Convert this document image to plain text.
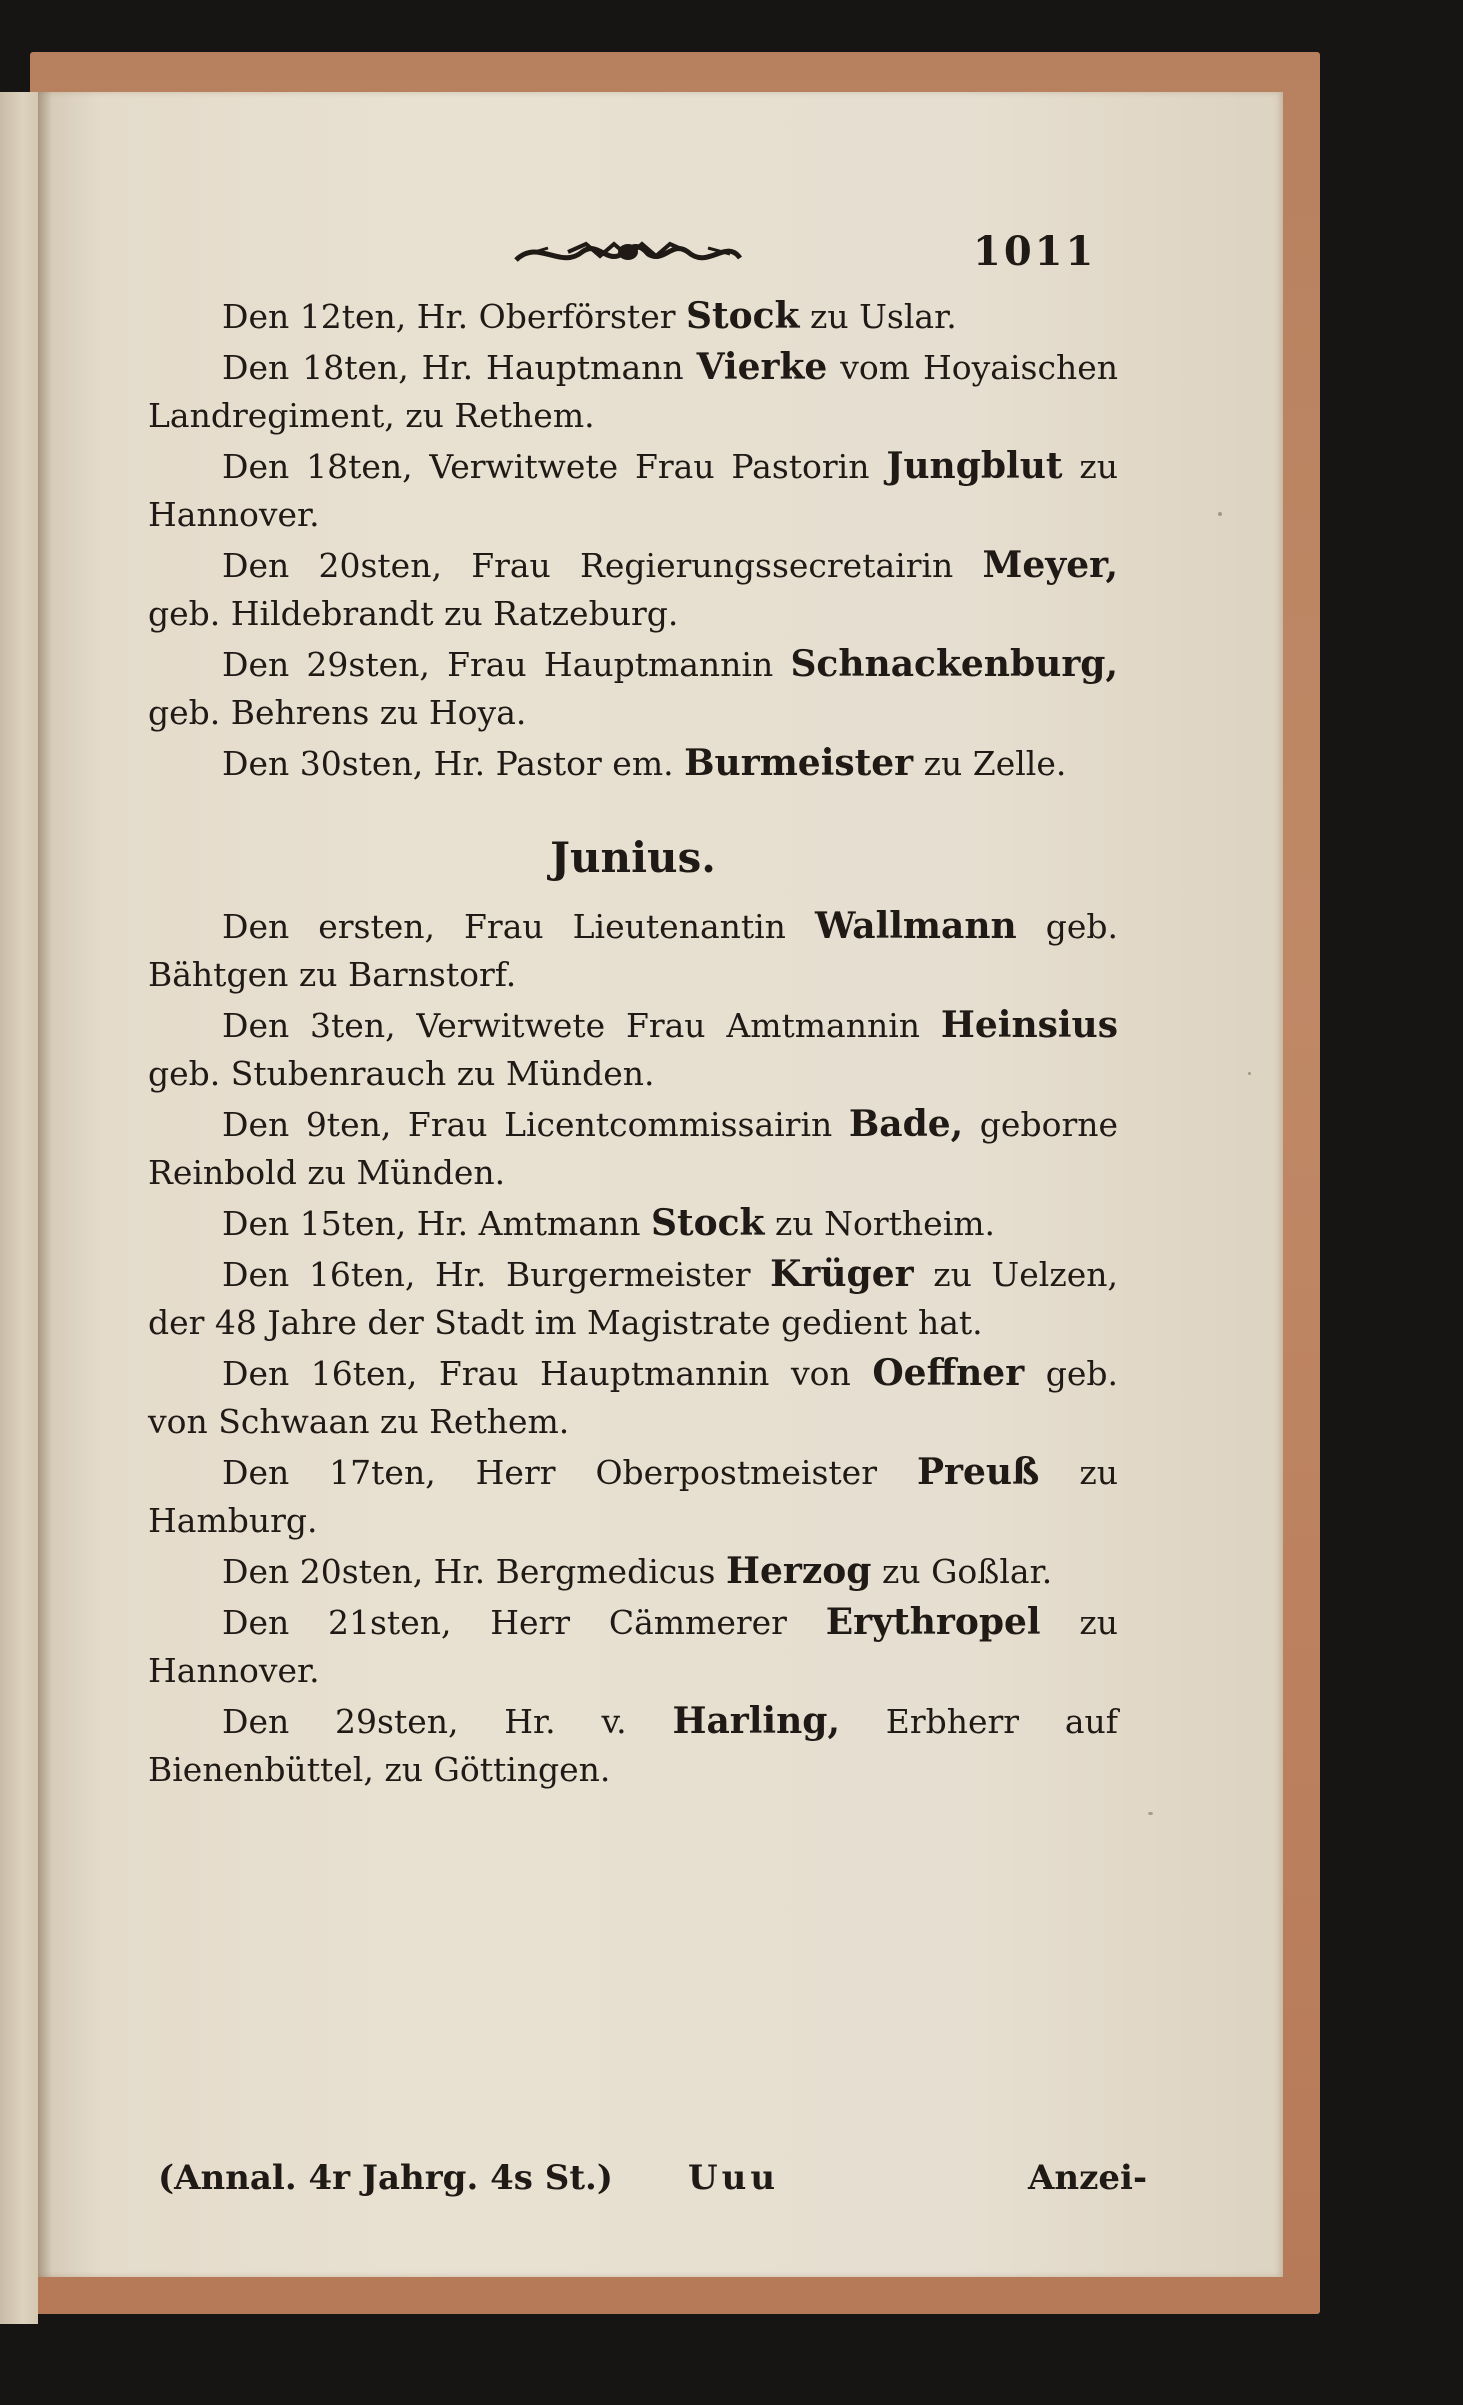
1011

Den 12ten, Hr. Oberförster Stock zu Uslar.

Den 18ten, Hr. Hauptmann Vierke vom Hoyaischen Landregiment, zu Rethem.

Den 18ten, Verwitwete Frau Pastorin Jungblut zu Hannover.

Den 20sten, Frau Regierungssecretairin Meyer, geb. Hildebrandt zu Ratzeburg.

Den 29sten, Frau Hauptmannin Schnackenburg, geb. Behrens zu Hoya.

Den 30sten, Hr. Pastor em. Burmeister zu Zelle.

Junius.

Den ersten, Frau Lieutenantin Wallmann geb. Bähtgen zu Barnstorf.

Den 3ten, Verwitwete Frau Amtmannin Heinsius geb. Stubenrauch zu Münden.

Den 9ten, Frau Licentcommissairin Bade, geborne Reinbold zu Münden.

Den 15ten, Hr. Amtmann Stock zu Northeim.

Den 16ten, Hr. Burgermeister Krüger zu Uelzen, der 48 Jahre der Stadt im Magistrate gedient hat.

Den 16ten, Frau Hauptmannin von Oeffner geb. von Schwaan zu Rethem.

Den 17ten, Herr Oberpostmeister Preuß zu Hamburg.

Den 20sten, Hr. Bergmedicus Herzog zu Goßlar.

Den 21sten, Herr Cämmerer Erythropel zu Hannover.

Den 29sten, Hr. v. Harling, Erbherr auf Bienenbüttel, zu Göttingen.

(Annal. 4r Jahrg. 4s St.) Uuu	Anzei-
